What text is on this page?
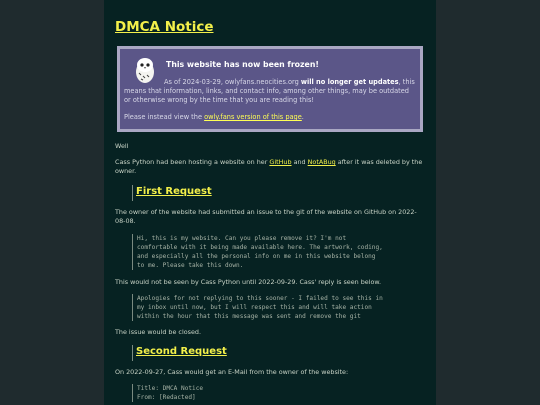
DMCA Notice
This website has now been frozen!
As of 2024-03-29, owlyfans.neocities.org will no longer get updates, this means that information, links, and contact info, among other things, may be outdated or otherwise wrong by the time that you are reading this!
Please instead view the owly.fans version of this page.
Well
Cass Python had been hosting a website on her GitHub and NotABug after it was deleted by the owner.
First Request
The owner of the website had submitted an issue to the git of the website on GitHub on 2022-08-08.
Hi, this is my website. Can you please remove it? I'm not
comfortable with it being made available here. The artwork, coding,
and especially all the personal info on me in this website belong
to me. Please take this down.
This would not be seen by Cass Python until 2022-09-29. Cass' reply is seen below.
Apologies for not replying to this sooner - I failed to see this in
my inbox until now, but I will respect this and will take action
within the hour that this message was sent and remove the git
The issue would be closed.
Second Request
On 2022-09-27, Cass would get an E-Mail from the owner of the website:
Title: DMCA Notice
From: [Redacted]
